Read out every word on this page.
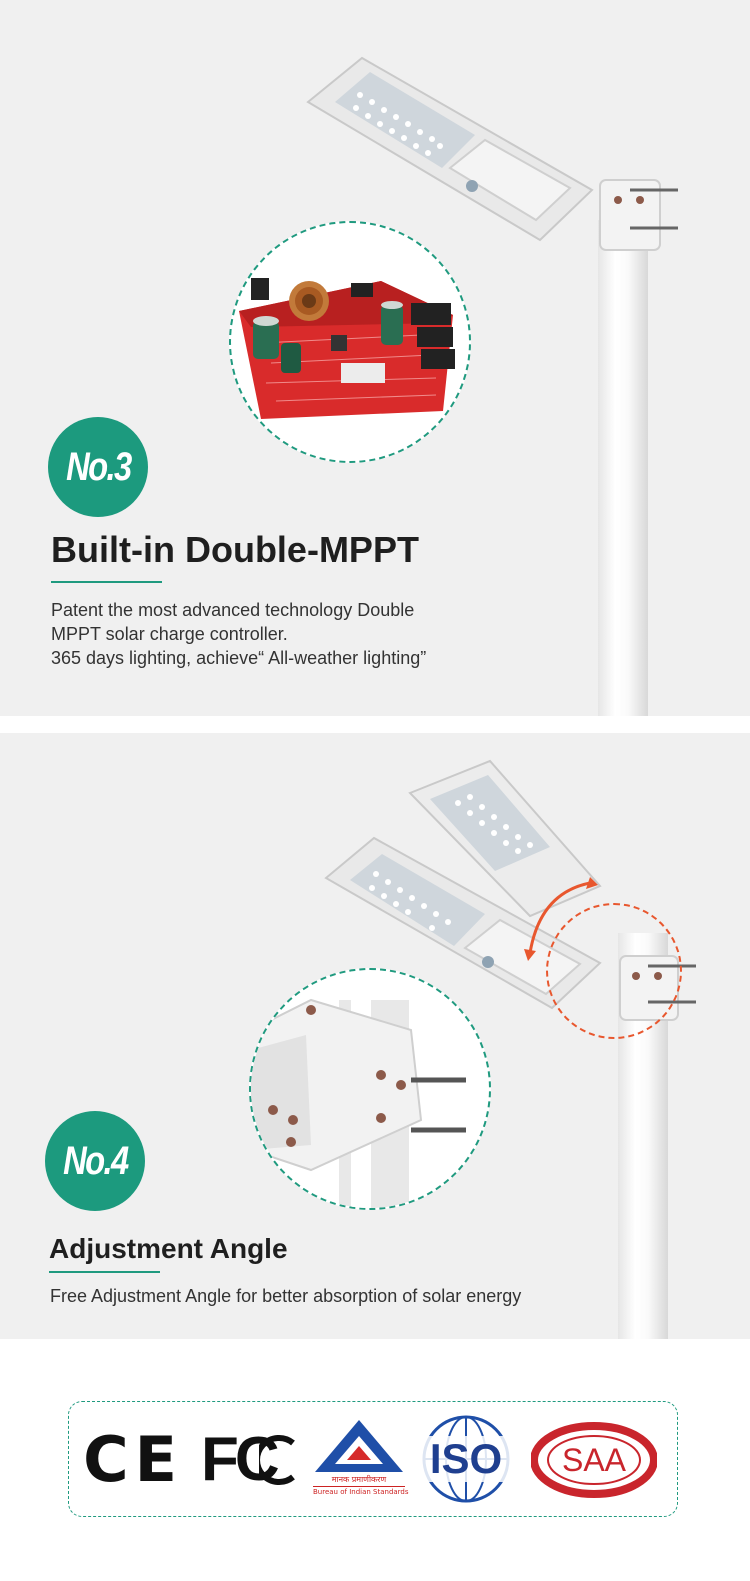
No.3
Built-in Double-MPPT

Patent the most advanced technology Double

MPPT solar charge controller.

365 days lighting, achieve“ All-weather lighting”

No.4
Adjustment Angle

Free Adjustment Angle for better absorption of solar energy

CE FC	मानक प्रमाणीकरण
Bureau of Indian Standards
ISO	SAA
